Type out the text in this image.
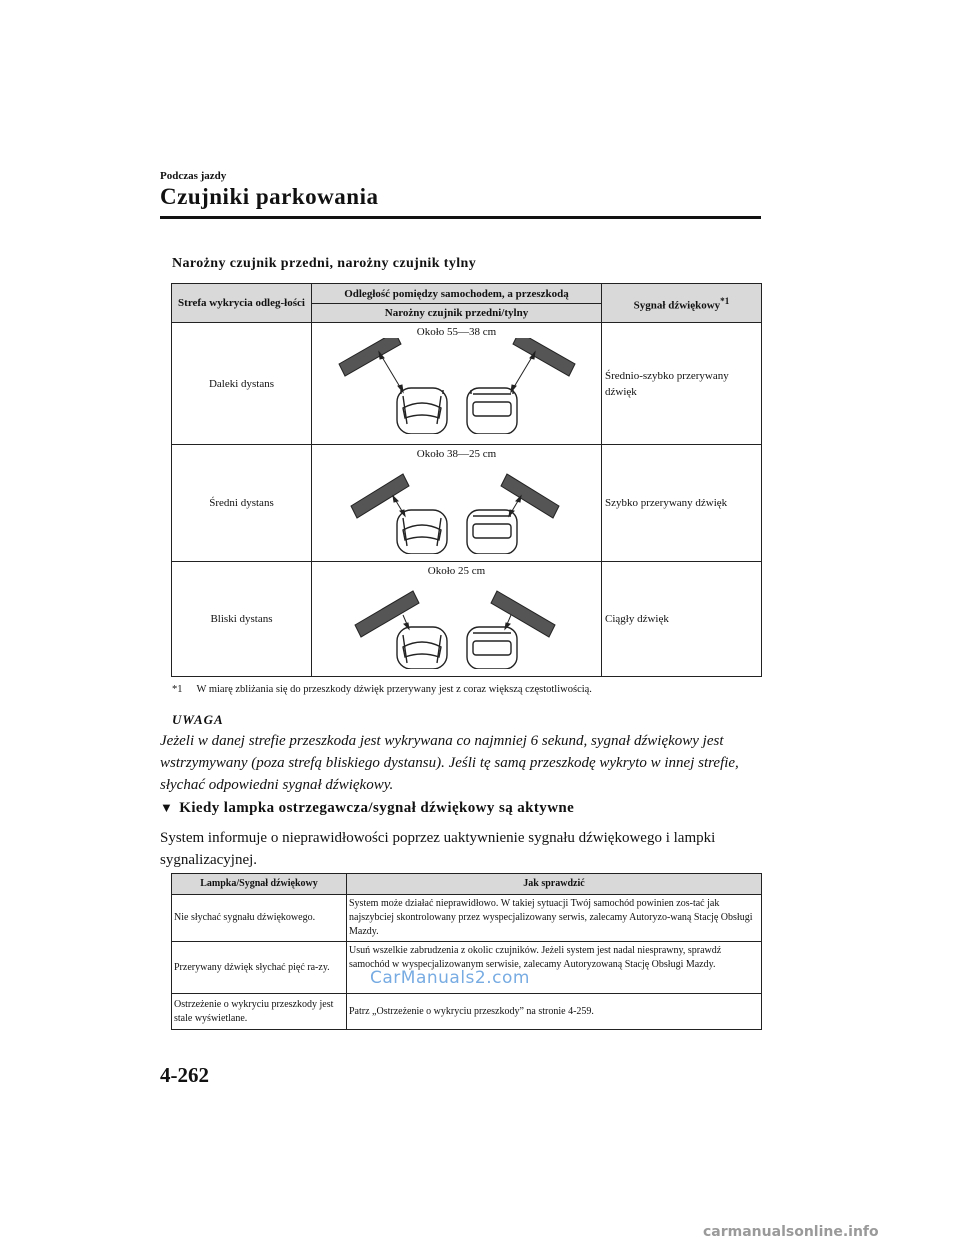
Podczas jazdy
Czujniki parkowania
Narożny czujnik przedni, narożny czujnik tylny
Strefa wykrycia odleg-łości	Odległość pomiędzy samochodem, a przeszkodą	Sygnał dźwiękowy$^{*1}$
	Narożny czujnik przedni/tylny	
Daleki dystans	Około 55—38 cm	Średnio-szybko przerywany dźwięk
Średni dystans	Około 38—25 cm	Szybko przerywany dźwięk
Bliski dystans	Około 25 cm	Ciągły dźwięk
*1 W miarę zbliżania się do przeszkody dźwięk przerywany jest z coraz większą częstotliwością.
UWAGA
Jeżeli w danej strefie przeszkoda jest wykrywana co najmniej 6 sekund, sygnał dźwiękowy jest wstrzymywany (poza strefą bliskiego dystansu). Jeśli tę samą przeszkodę wykryto w innej strefie, słychać odpowiedni sygnał dźwiękowy.
▼ Kiedy lampka ostrzegawcza/sygnał dźwiękowy są aktywne
System informuje o nieprawidłowości poprzez uaktywnienie sygnału dźwiękowego i lampki sygnalizacyjnej.
Lampka/Sygnał dźwiękowy	Jak sprawdzić
Nie słychać sygnału dźwiękowego.	System może działać nieprawidłowo. W takiej sytuacji Twój samochód powinien zos-tać jak najszybciej skontrolowany przez wyspecjalizowany serwis, zalecamy Autoryzo-waną Stację Obsługi Mazdy.
Przerywany dźwięk słychać pięć ra-zy.	Usuń wszelkie zabrudzenia z okolic czujników. Jeżeli system jest nadal niesprawny, sprawdź samochód w wyspecjalizowanym serwisie, zalecamy Autoryzowaną Stację Obsługi Mazdy.
Ostrzeżenie o wykryciu przeszkody jest stale wyświetlane.	Patrz „Ostrzeżenie o wykryciu przeszkody” na stronie 4-259.
CarManuals2.com
4-262
carmanualsonline.info
